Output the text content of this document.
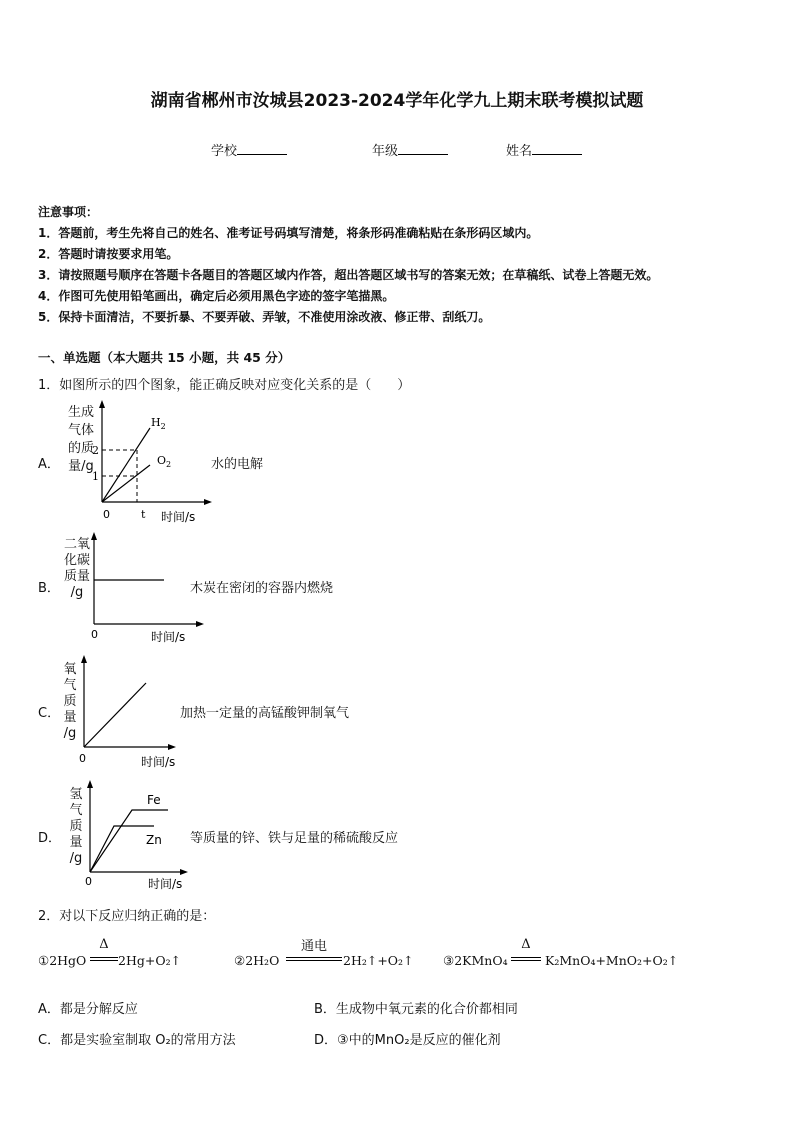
湖南省郴州市汝城县2023-2024学年化学九上期末联考模拟试题
学校	年级	姓名
注意事项：
1．答题前，考生先将自己的姓名、准考证号码填写清楚，将条形码准确粘贴在条形码区域内。
2．答题时请按要求用笔。
3．请按照题号顺序在答题卡各题目的答题区域内作答，超出答题区域书写的答案无效；在草稿纸、试卷上答题无效。
4．作图可先使用铅笔画出，确定后必须用黑色字迹的签字笔描黑。
5．保持卡面清洁，不要折暴、不要弄破、弄皱，不准使用涂改液、修正带、刮纸刀。
一、单选题（本大题共 15 小题，共 45 分）
1．如图所示的四个图象，能正确反映对应变化关系的是（　　）
A．
生成
气体
的质
量/g
2
1
0	t 时间/s
$H_2$
$O_2$	水的电解
B．
二氧
化碳
质量
/g
0	时间/s
木炭在密闭的容器内燃烧
C．
氧
气
质
量
/g
0	时间/s
加热一定量的高锰酸钾制氧气
D．
氢
气
质
量
/g
Fe
Zn
0	时间/s
等质量的锌、铁与足量的稀硫酸反应
2．对以下反应归纳正确的是：
①2HgO
Δ
2Hg+O₂↑	②2H₂O
通电
2H₂↑+O₂↑ ③2KMnO₄
Δ
K₂MnO₄+MnO₂+O₂↑
A．都是分解反应	B．生成物中氧元素的化合价都相同
C．都是实验室制取 O₂的常用方法	D．③中的MnO₂是反应的催化剂
